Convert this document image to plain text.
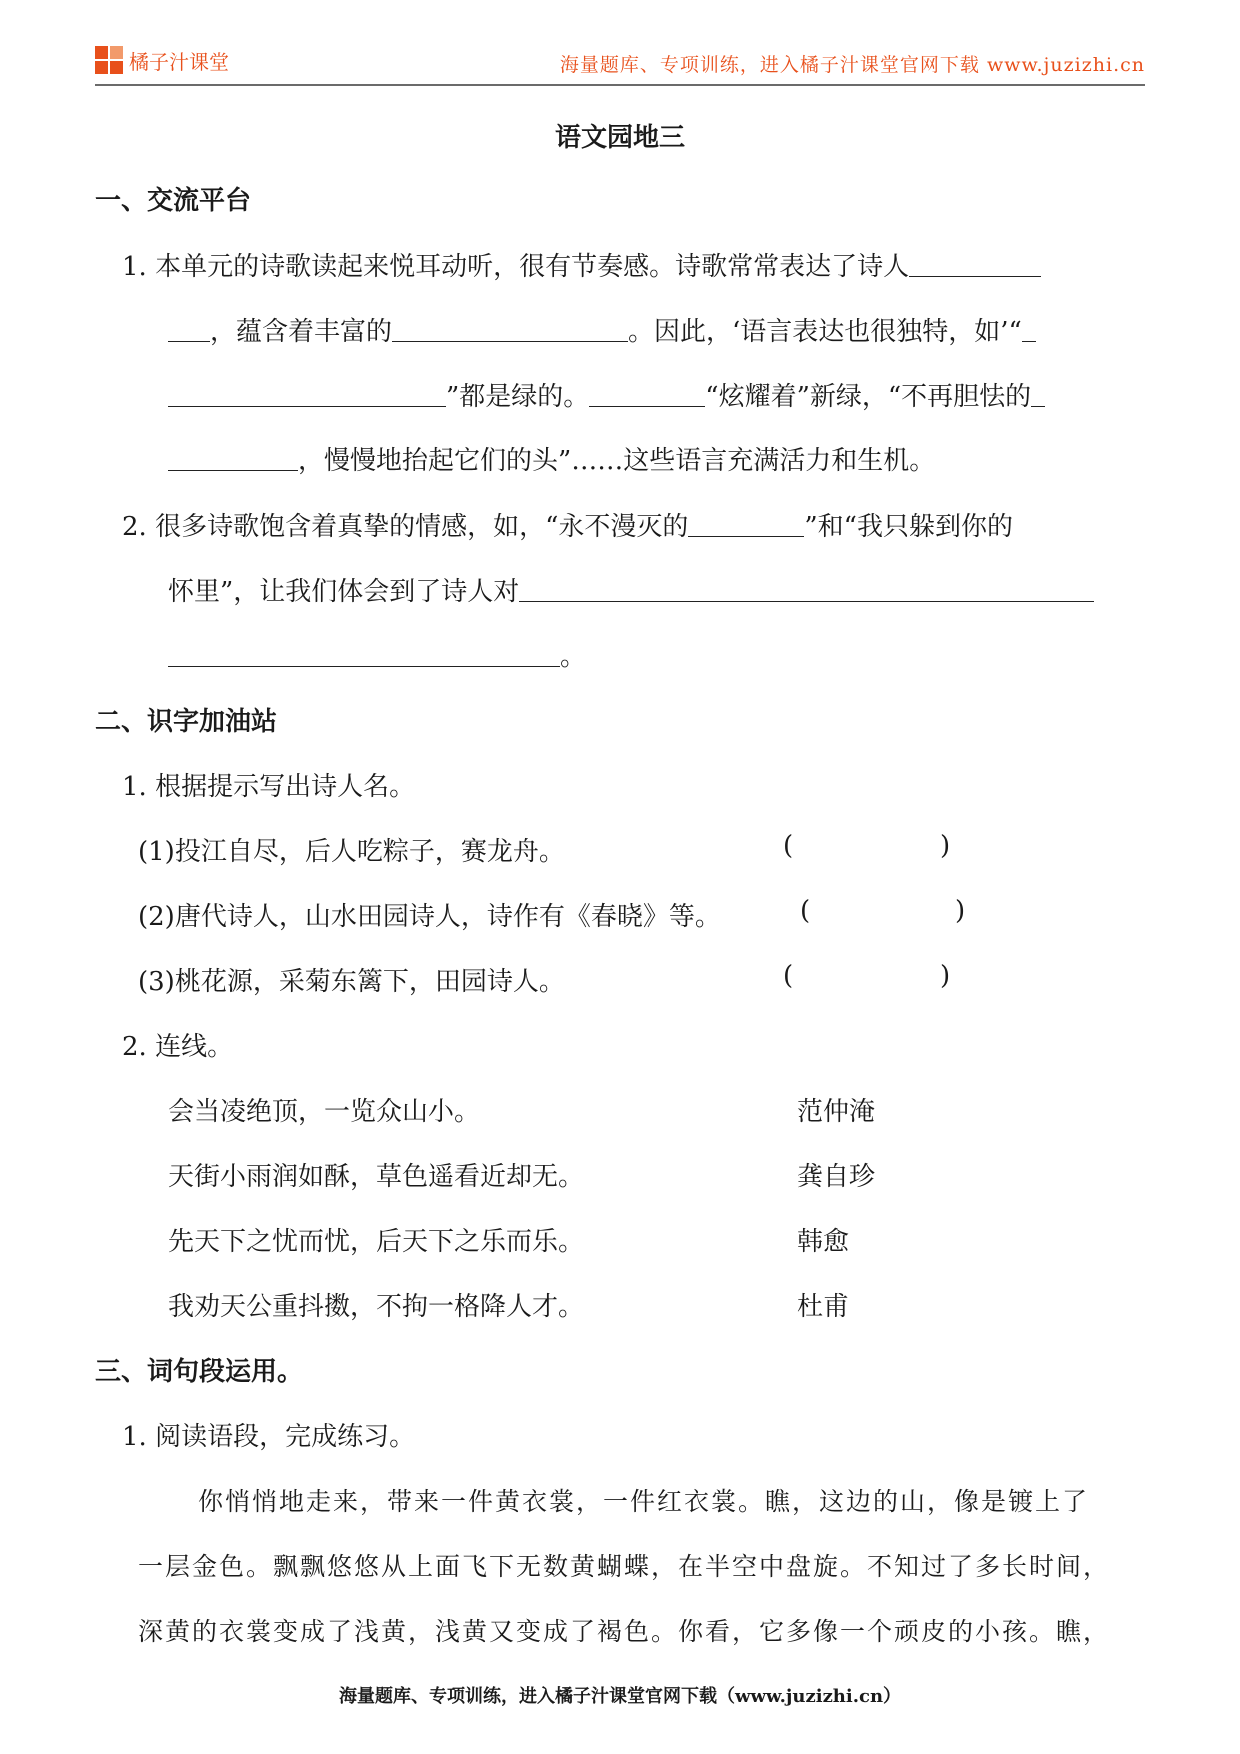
橘子汁课堂	海量题库、专项训练，进入橘子汁课堂官网下载 www.juzizhi.cn
语文园地三
一、交流平台
1. 本单元的诗歌读起来悦耳动听，很有节奏感。诗歌常常表达了诗人
，蕴含着丰富的	。因此，‘语言表达也很独特，如’“
”都是绿的。	“炫耀着”新绿，“不再胆怯的
，慢慢地抬起它们的头”……这些语言充满活力和生机。
2. 很多诗歌饱含着真挚的情感，如，“永不漫灭的	”和“我只躲到你的
怀里”，让我们体会到了诗人对
。
二、识字加油站
1. 根据提示写出诗人名。
(1)投江自尽，后人吃粽子，赛龙舟。	(	)
(2)唐代诗人，山水田园诗人，诗作有《春晓》等。	(	)
(3)桃花源，采菊东篱下，田园诗人。	(	)
2. 连线。
会当凌绝顶，一览众山小。	范仲淹
天街小雨润如酥，草色遥看近却无。	龚自珍
先天下之忧而忧，后天下之乐而乐。	韩愈
我劝天公重抖擞，不拘一格降人才。	杜甫
三、词句段运用。
1. 阅读语段，完成练习。
你悄悄地走来，带来一件黄衣裳，一件红衣裳。瞧，这边的山，像是镀上了
一层金色。飘飘悠悠从上面飞下无数黄蝴蝶，在半空中盘旋。不知过了多长时间，
深黄的衣裳变成了浅黄，浅黄又变成了褐色。你看，它多像一个顽皮的小孩。瞧，
海量题库、专项训练，进入橘子汁课堂官网下载（www.juzizhi.cn）
